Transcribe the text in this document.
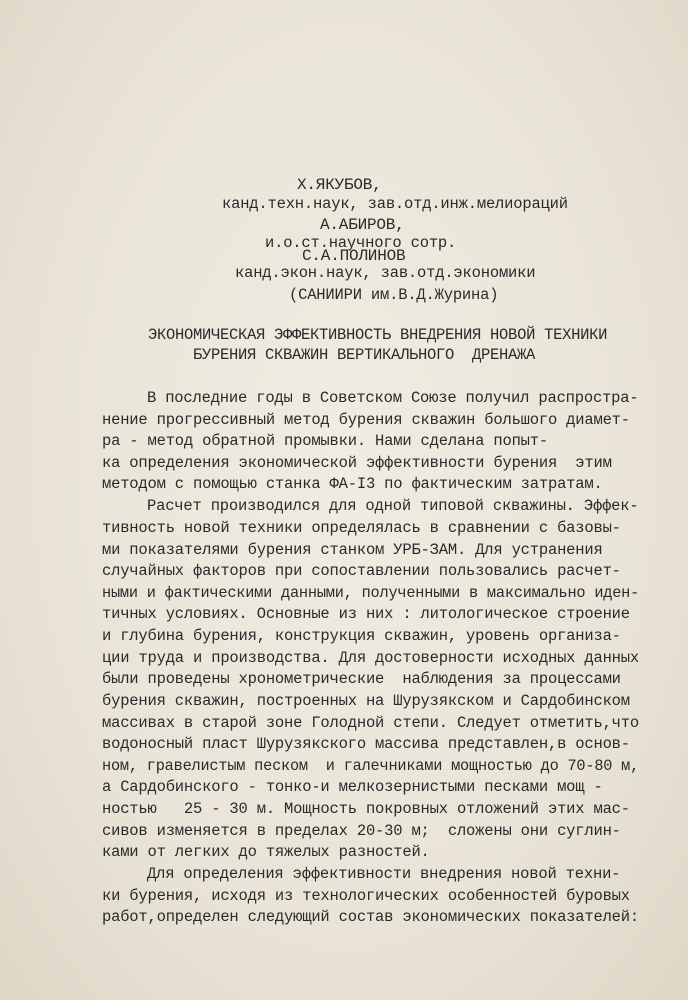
Х.ЯКУБОВ,
канд.техн.наук, зав.отд.инж.мелиораций
А.АБИРОВ,
и.о.ст.научного сотр.
С.А.ПОЛИНОВ
канд.экон.наук, зав.отд.экономики
(САНИИРИ им.В.Д.Журина)
ЭКОНОМИЧЕСКАЯ ЭФФЕКТИВНОСТЬ ВНЕДРЕНИЯ НОВОЙ ТЕХНИКИ
БУРЕНИЯ СКВАЖИН ВЕРТИКАЛЬНОГО  ДРЕНАЖА
В последние годы в Советском Союзе получил распростра-
нение прогрессивный метод бурения скважин большого диамет-
ра - метод обратной промывки. Нами сделана попыт-
ка определения экономической эффективности бурения  этим
методом с помощью станка ФА-I3 по фактическим затратам.
Расчет производился для одной типовой скважины. Эффек-
тивность новой техники определялась в сравнении с базовы-
ми показателями бурения станком УРБ-ЗАМ. Для устранения
случайных факторов при сопоставлении пользовались расчет-
ными и фактическими данными, полученными в максимально иден-
тичных условиях. Основные из них : литологическое строение
и глубина бурения, конструкция скважин, уровень организа-
ции труда и производства. Для достоверности исходных данных
были проведены хронометрические  наблюдения за процессами
бурения скважин, построенных на Шурузякском и Сардобинском
массивах в старой зоне Голодной степи. Следует отметить,что
водоносный пласт Шурузякского массива представлен,в основ-
ном, гравелистым песком  и галечниками мощностью до 70-80 м,
а Сардобинского - тонко-и мелкозернистыми песками мощ -
ностью   25 - 30 м. Мощность покровных отложений этих мас-
сивов изменяется в пределах 20-30 м;  сложены они суглин-
ками от легких до тяжелых разностей.
Для определения эффективности внедрения новой техни-
ки бурения, исходя из технологических особенностей буровых
работ,определен следующий состав экономических показателей:
